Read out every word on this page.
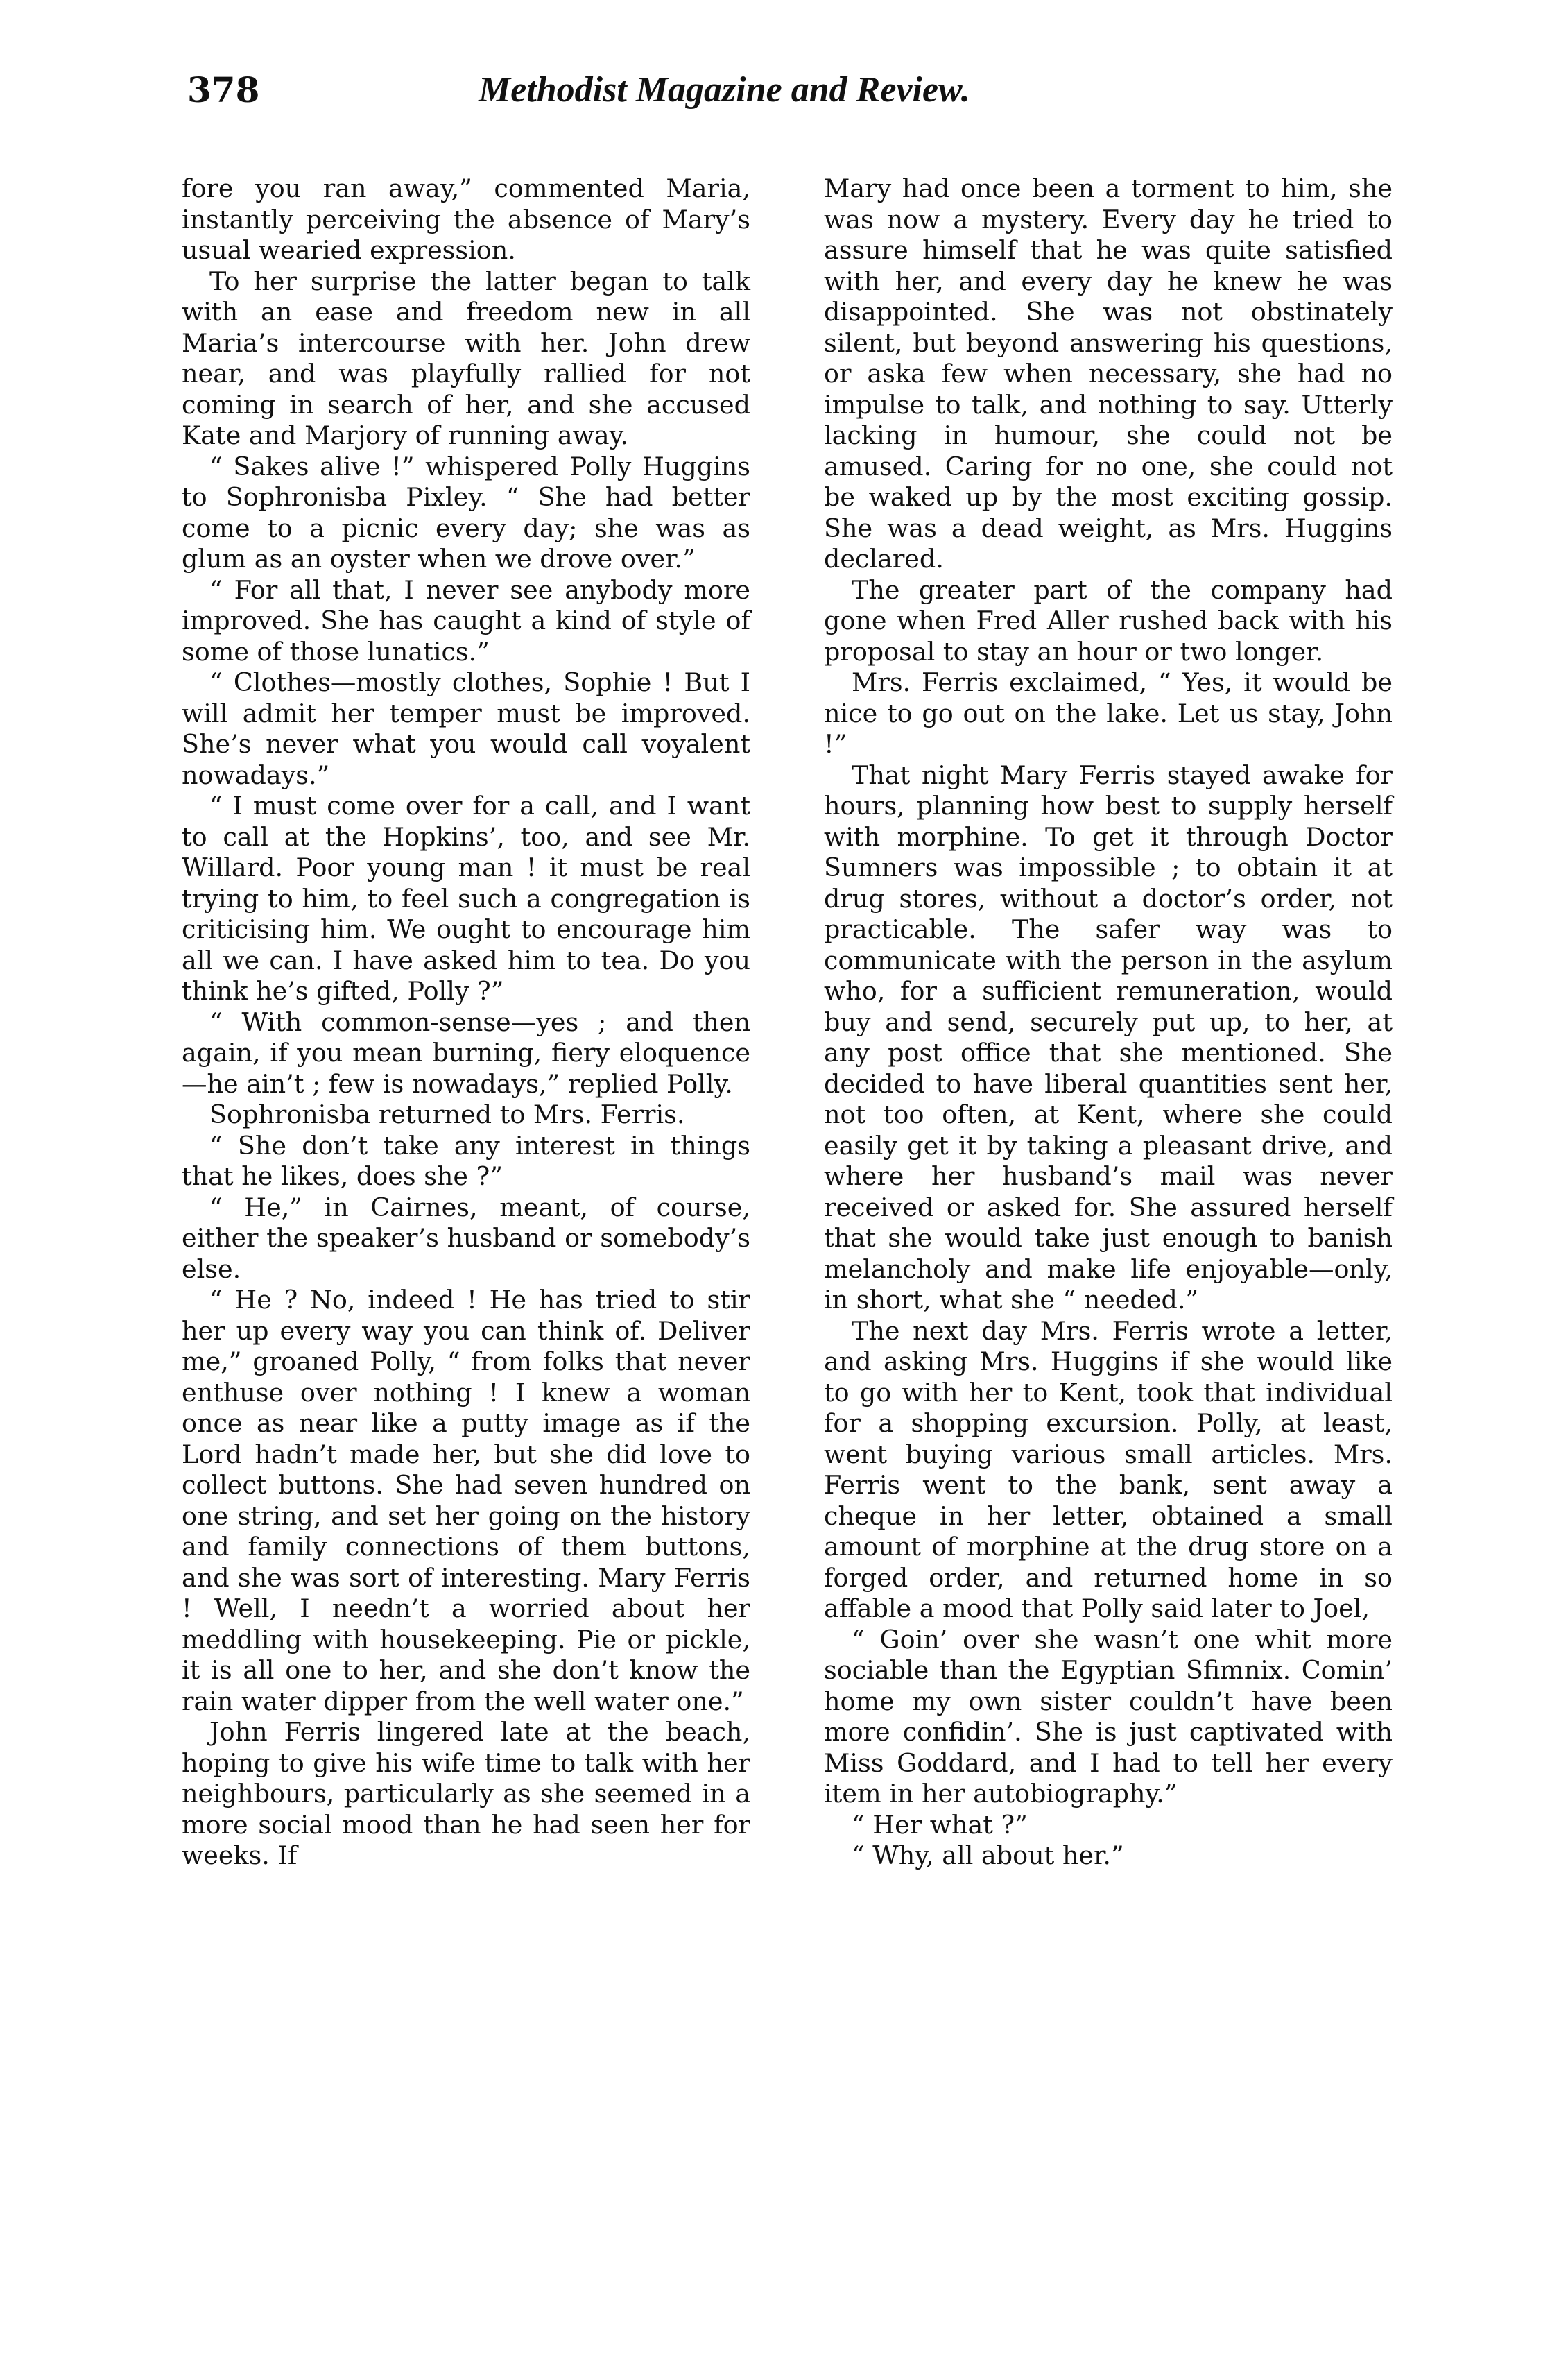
378	Methodist Magazine and Review.

fore you ran away,” commented Maria, instantly perceiving the absence of Mary’s usual wearied expression.

To her surprise the latter began to talk with an ease and freedom new in all Maria’s intercourse with her. John drew near, and was playfully rallied for not coming in search of her, and she accused Kate and Marjory of running away.

“ Sakes alive !” whispered Polly Huggins to Sophronisba Pixley. “ She had better come to a picnic every day; she was as glum as an oyster when we drove over.”

“ For all that, I never see anybody more improved. She has caught a kind of style of some of those lunatics.”

“ Clothes—mostly clothes, Sophie ! But I will admit her temper must be improved. She’s never what you would call voyalent nowadays.”

“ I must come over for a call, and I want to call at the Hopkins’, too, and see Mr. Willard. Poor young man ! it must be real trying to him, to feel such a congregation is criticising him. We ought to encourage him all we can. I have asked him to tea. Do you think he’s gifted, Polly ?”

“ With common-sense—yes ; and then again, if you mean burning, fiery eloquence—he ain’t ; few is nowadays,” replied Polly.

Sophronisba returned to Mrs. Ferris.

“ She don’t take any interest in things that he likes, does she ?”

“ He,” in Cairnes, meant, of course, either the speaker’s husband or somebody’s else.

“ He ? No, indeed ! He has tried to stir her up every way you can think of. Deliver me,” groaned Polly, “ from folks that never enthuse over nothing ! I knew a woman once as near like a putty image as if the Lord hadn’t made her, but she did love to collect buttons. She had seven hundred on one string, and set her going on the history and family connections of them buttons, and she was sort of interesting. Mary Ferris ! Well, I needn’t a worried about her meddling with housekeeping. Pie or pickle, it is all one to her, and she don’t know the rain water dipper from the well water one.”

John Ferris lingered late at the beach, hoping to give his wife time to talk with her neighbours, particularly as she seemed in a more social mood than he had seen her for weeks. If

Mary had once been a torment to him, she was now a mystery. Every day he tried to assure himself that he was quite satisfied with her, and every day he knew he was disappointed. She was not obstinately silent, but beyond answering his questions, or aska few when necessary, she had no impulse to talk, and nothing to say. Utterly lacking in humour, she could not be amused. Caring for no one, she could not be waked up by the most exciting gossip. She was a dead weight, as Mrs. Huggins declared.

The greater part of the company had gone when Fred Aller rushed back with his proposal to stay an hour or two longer.

Mrs. Ferris exclaimed, “ Yes, it would be nice to go out on the lake. Let us stay, John !”

That night Mary Ferris stayed awake for hours, planning how best to supply herself with morphine. To get it through Doctor Sumners was impossible ; to obtain it at drug stores, without a doctor’s order, not practicable. The safer way was to communicate with the person in the asylum who, for a sufficient remuneration, would buy and send, securely put up, to her, at any post office that she mentioned. She decided to have liberal quantities sent her, not too often, at Kent, where she could easily get it by taking a pleasant drive, and where her husband’s mail was never received or asked for. She assured herself that she would take just enough to banish melancholy and make life enjoyable—only, in short, what she “ needed.”

The next day Mrs. Ferris wrote a letter, and asking Mrs. Huggins if she would like to go with her to Kent, took that individual for a shopping excursion. Polly, at least, went buying various small articles. Mrs. Ferris went to the bank, sent away a cheque in her letter, obtained a small amount of morphine at the drug store on a forged order, and returned home in so affable a mood that Polly said later to Joel,

“ Goin’ over she wasn’t one whit more sociable than the Egyptian Sfimnix. Comin’ home my own sister couldn’t have been more confidin’. She is just captivated with Miss Goddard, and I had to tell her every item in her autobiography.”

“ Her what ?”

“ Why, all about her.”
